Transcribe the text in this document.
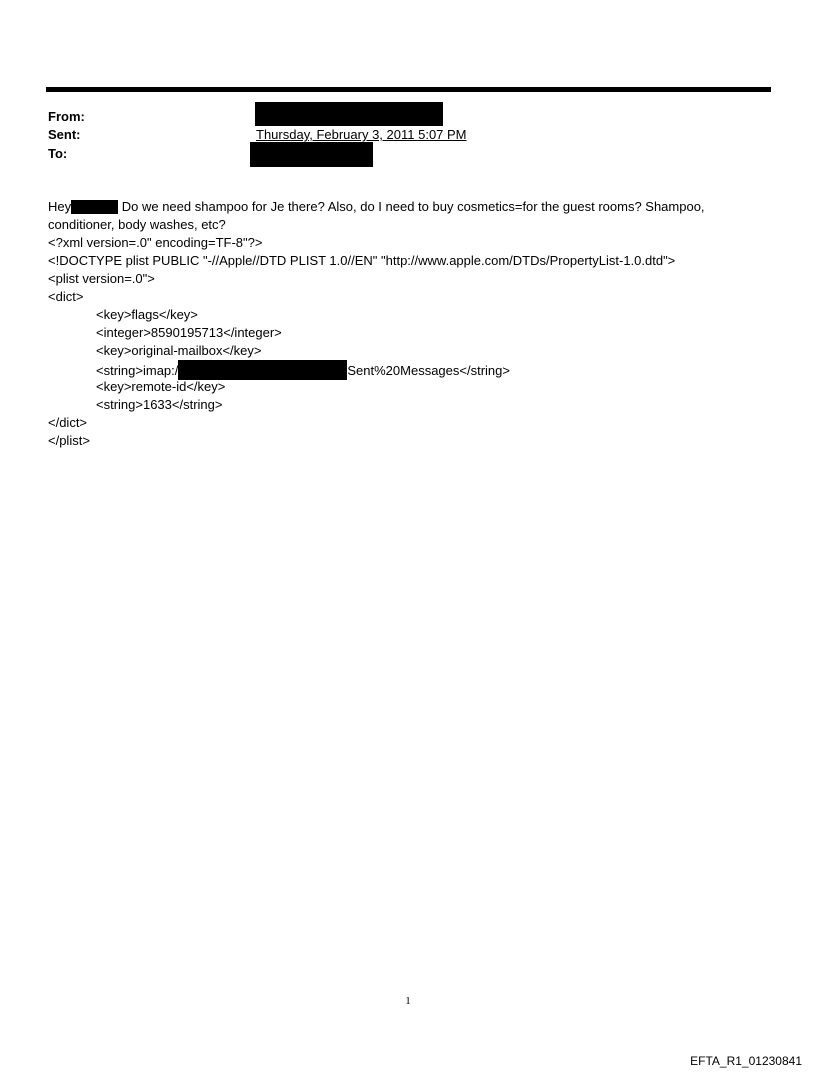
From:
Sent:	Thursday, February 3, 2011 5:07 PM
To:
Hey	Do we need shampoo for Je there? Also, do I need to buy cosmetics=for the guest rooms? Shampoo,
conditioner, body washes, etc?
<?xml version=.0" encoding=TF-8"?>
<!DOCTYPE plist PUBLIC "-//Apple//DTD PLIST 1.0//EN" "http://www.apple.com/DTDs/PropertyList-1.0.dtd">
<plist version=.0">
<dict>
<key>flags</key>
<integer>8590195713</integer>
<key>original-mailbox</key>
<string>imap:/	Sent%20Messages</string>
<key>remote-id</key>
<string>1633</string>
</dict>
</plist>
1
EFTA_R1_01230841
